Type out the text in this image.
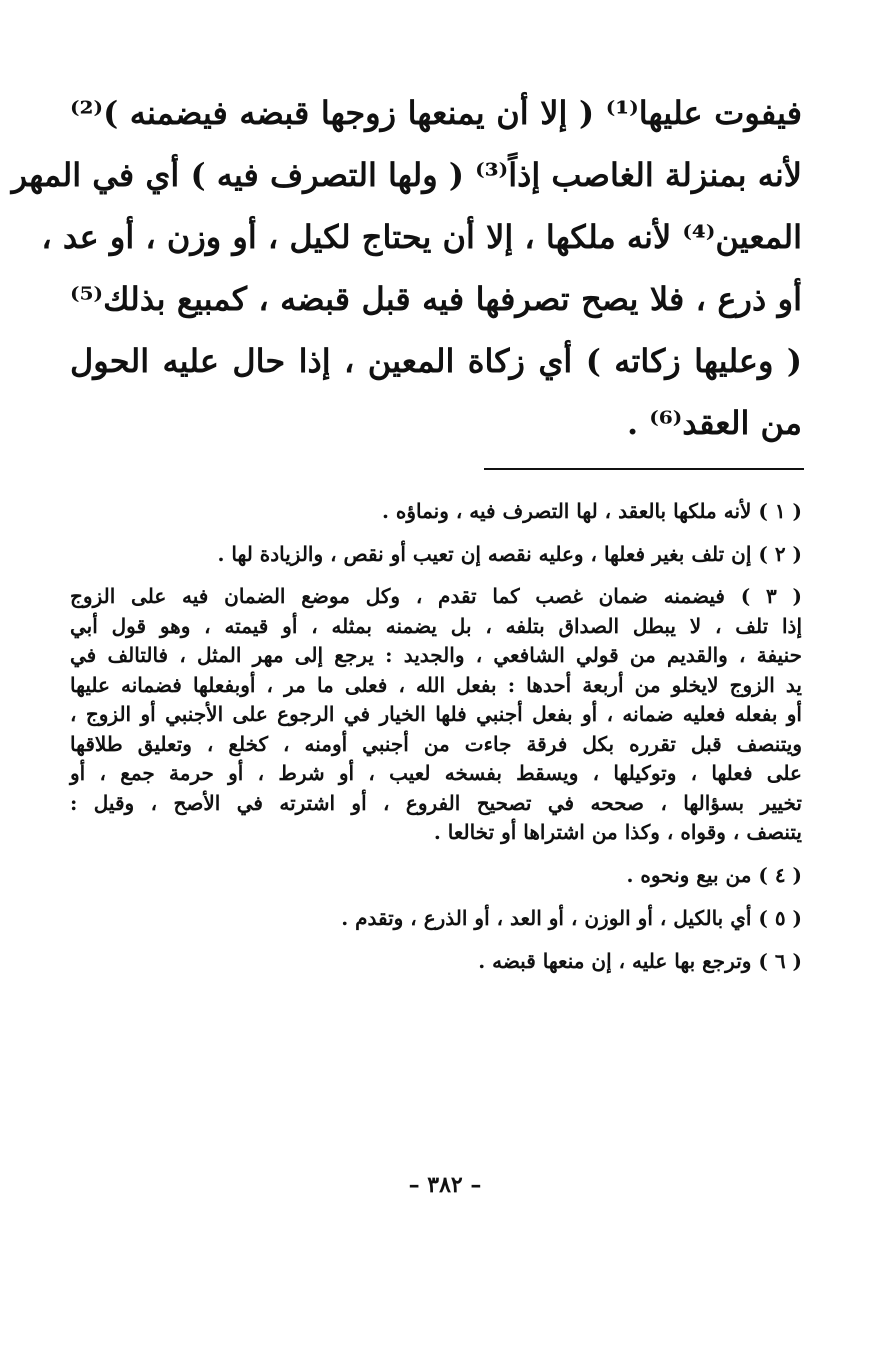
فيفوت عليها⁽¹⁾ ( إلا أن يمنعها زوجها قبضه فيضمنه )⁽²⁾
لأنه بمنزلة الغاصب إذاً⁽³⁾ ( ولها التصرف فيه ) أي في المهر
المعين⁽⁴⁾ لأنه ملكها ، إلا أن يحتاج لكيل ، أو وزن ، أو عد ،
أو ذرع ، فلا يصح تصرفها فيه قبل قبضه ، كمبيع بذلك⁽⁵⁾
( وعليها زكاته ) أي زكاة المعين ، إذا حال عليه الحول
من العقد⁽⁶⁾ .
( ١ ) لأنه ملكها بالعقد ، لها التصرف فيه ، ونماؤه .
( ٢ ) إن تلف بغير فعلها ، وعليه نقصه إن تعيب أو نقص ، والزيادة لها .
( ٣ ) فيضمنه ضمان غصب كما تقدم ، وكل موضع الضمان فيه على الزوج
إذا تلف ، لا يبطل الصداق بتلفه ، بل يضمنه بمثله ، أو قيمته ، وهو قول أبي
حنيفة ، والقديم من قولي الشافعي ، والجديد : يرجع إلى مهر المثل ، فالتالف في
يد الزوج لايخلو من أربعة أحدها : بفعل الله ، فعلى ما مر ، أوبفعلها فضمانه عليها
أو بفعله فعليه ضمانه ، أو بفعل أجنبي فلها الخيار في الرجوع على الأجنبي أو الزوج ،
ويتنصف قبل تقرره بكل فرقة جاءت من أجنبي أومنه ، كخلع ، وتعليق طلاقها
على فعلها ، وتوكيلها ، ويسقط بفسخه لعيب ، أو شرط ، أو حرمة جمع ، أو
تخيير بسؤالها ، صححه في تصحيح الفروع ، أو اشترته في الأصح ، وقيل :
يتنصف ، وقواه ، وكذا من اشتراها أو تخالعا .
( ٤ ) من بيع ونحوه .
( ٥ ) أي بالكيل ، أو الوزن ، أو العد ، أو الذرع ، وتقدم .
( ٦ ) وترجع بها عليه ، إن منعها قبضه .
– ٣٨٢ –
